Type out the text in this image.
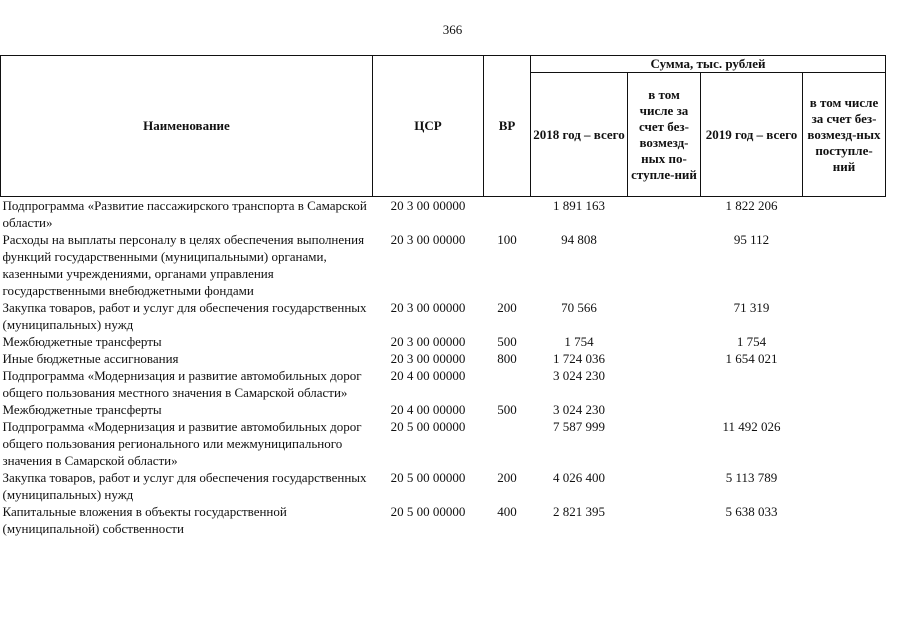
366
Наименование	ЦСР	ВР	Сумма, тыс. рублей			
			2018 год – всего	в том числе за счет без-возмезд-ных по-ступле-ний	2019 год – всего	в том числе за счет без-возмезд-ных поступле-ний
Подпрограмма «Развитие пассажирского транспорта в Самарской области»	20 3 00 00000		1 891 163		1 822 206	
Расходы на выплаты персоналу в целях обеспечения выполнения функций государственными (муниципальными) органами, казенными учреждениями, органами управления государственными внебюджетными фондами	20 3 00 00000	100	94 808		95 112	
Закупка товаров, работ и услуг для обеспечения государственных (муниципальных) нужд	20 3 00 00000	200	70 566		71 319	
Межбюджетные трансферты	20 3 00 00000	500	1 754		1 754	
Иные бюджетные ассигнования	20 3 00 00000	800	1 724 036		1 654 021	
Подпрограмма «Модернизация и развитие автомобильных дорог общего пользования местного значения в Самарской области»	20 4 00 00000		3 024 230			
Межбюджетные трансферты	20 4 00 00000	500	3 024 230			
Подпрограмма «Модернизация и развитие автомобильных дорог общего пользования регионального или межмуниципального значения в Самарской области»	20 5 00 00000		7 587 999		11 492 026	
Закупка товаров, работ и услуг для обеспечения государственных (муниципальных) нужд	20 5 00 00000	200	4 026 400		5 113 789	
Капитальные вложения в объекты государственной (муниципальной) собственности	20 5 00 00000	400	2 821 395		5 638 033	
